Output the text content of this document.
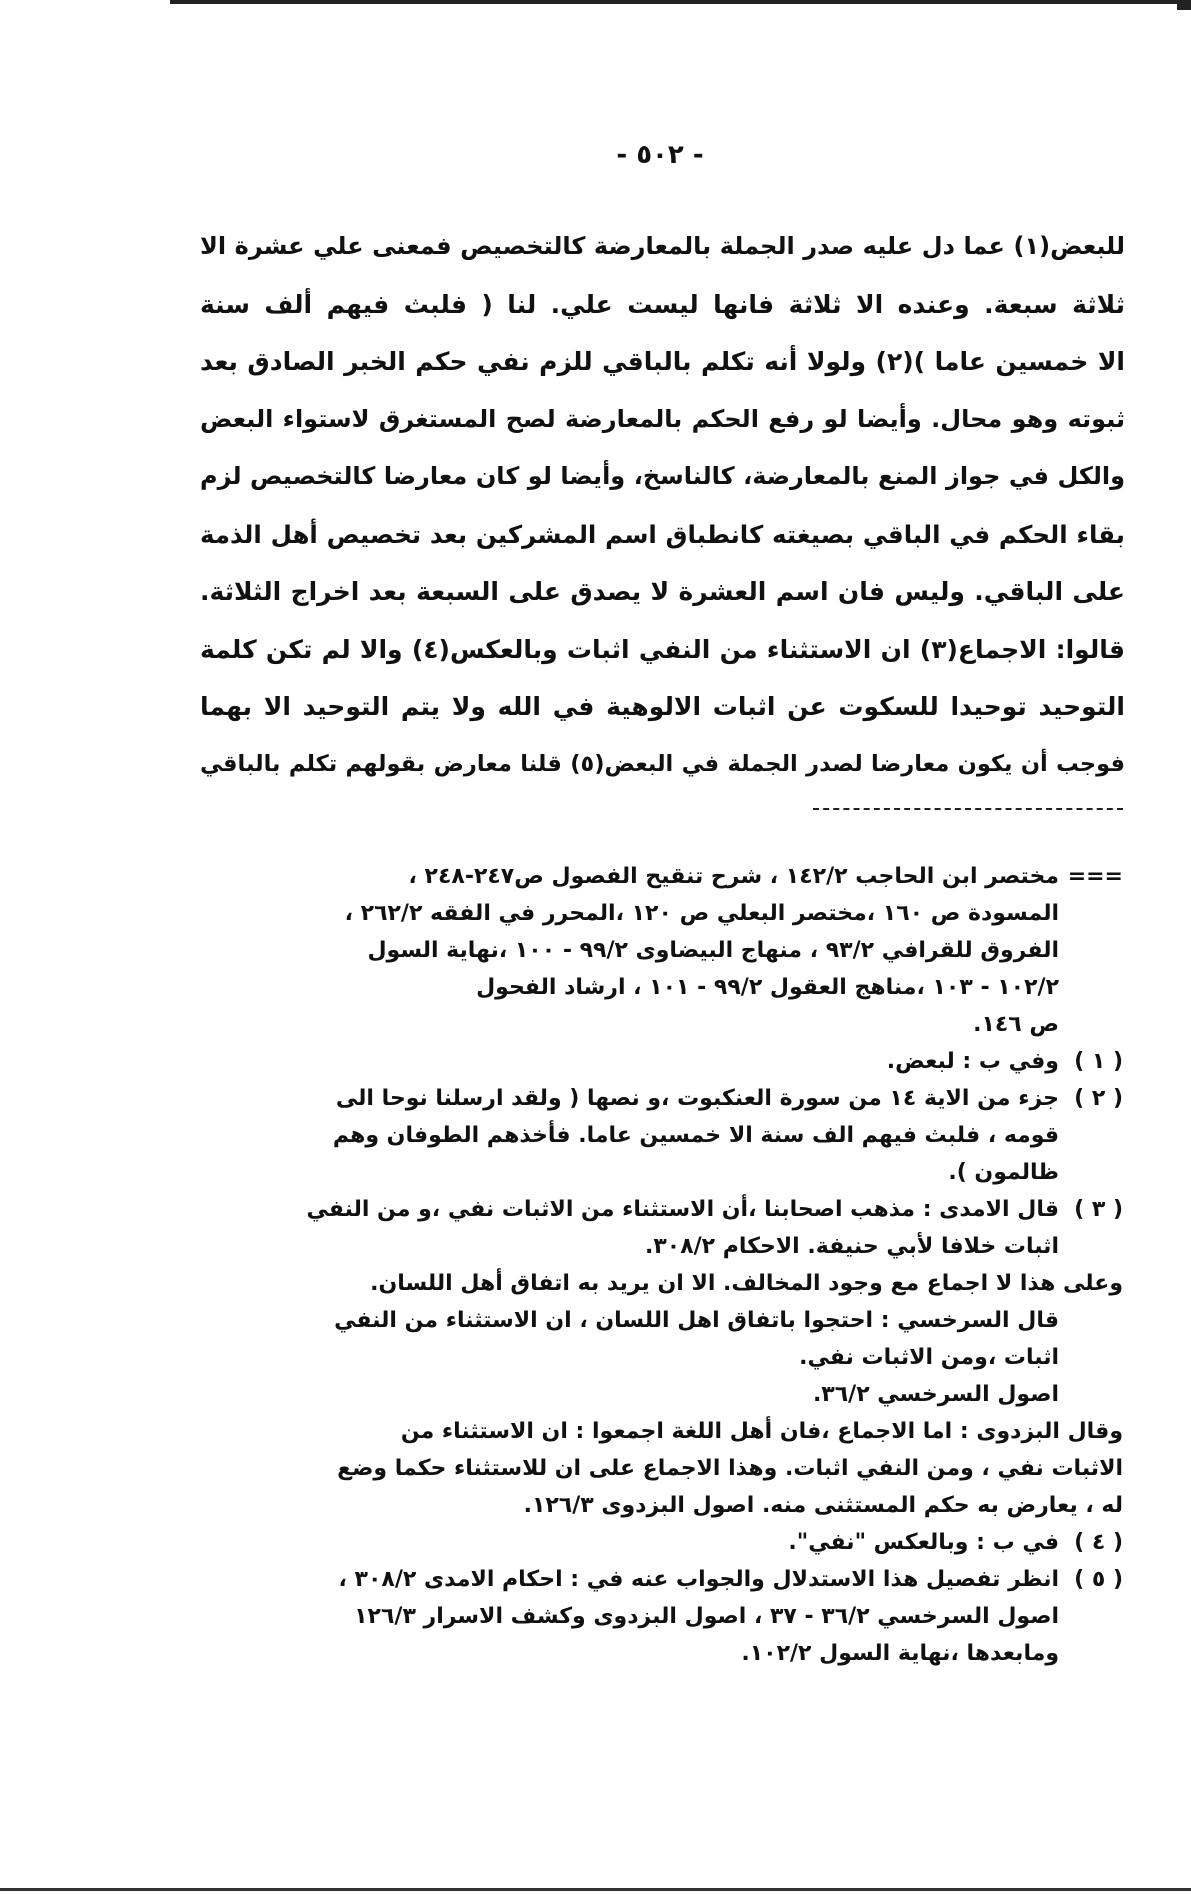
- ٥٠٢ -
للبعض(١) عما دل عليه صدر الجملة بالمعارضة كالتخصيص فمعنى علي عشرة الا
ثلاثة سبعة. وعنده الا ثلاثة فانها ليست علي. لنا ( فلبث فيهم ألف سنة
الا خمسين عاما )(٢) ولولا أنه تكلم بالباقي للزم نفي حكم الخبر الصادق بعد
ثبوته وهو محال. وأيضا لو رفع الحكم بالمعارضة لصح المستغرق لاستواء البعض
والكل في جواز المنع بالمعارضة، كالناسخ، وأيضا لو كان معارضا كالتخصيص لزم
بقاء الحكم في الباقي بصيغته كانطباق اسم المشركين بعد تخصيص أهل الذمة
على الباقي. وليس فان اسم العشرة لا يصدق على السبعة بعد اخراج الثلاثة.
قالوا: الاجماع(٣) ان الاستثناء من النفي اثبات وبالعكس(٤) والا لم تكن كلمة
التوحيد توحيدا للسكوت عن اثبات الالوهية في الله ولا يتم التوحيد الا بهما
فوجب أن يكون معارضا لصدر الجملة في البعض(٥) قلنا معارض بقولهم تكلم بالباقي
===
مختصر ابن الحاجب ١٤٢/٢ ، شرح تنقيح الفصول ص٢٤٧-٢٤٨ ،
المسودة ص ١٦٠ ،مختصر البعلي ص ١٢٠ ،المحرر في الفقه ٢٦٢/٢ ،
الفروق للقرافي ٩٣/٢ ، منهاج البيضاوى ٩٩/٢ - ١٠٠ ،نهاية السول
١٠٢/٢ - ١٠٣ ،مناهج العقول ٩٩/٢ - ١٠١ ، ارشاد الفحول
ص ١٤٦.
( ١ )
وفي ب : لبعض.
( ٢ )
جزء من الاية ١٤ من سورة العنكبوت ،و نصها ( ولقد ارسلنا نوحا الى
قومه ، فلبث فيهم الف سنة الا خمسين عاما. فأخذهم الطوفان وهم
ظالمون ).
( ٣ )
قال الامدى : مذهب اصحابنا ،أن الاستثناء من الاثبات نفي ،و من النفي
اثبات خلافا لأبي حنيفة. الاحكام ٣٠٨/٢.
وعلى هذا لا اجماع مع وجود المخالف. الا ان يريد به اتفاق أهل اللسان.
قال السرخسي : احتجوا باتفاق اهل اللسان ، ان الاستثناء من النفي
اثبات ،ومن الاثبات نفي.
اصول السرخسي ٣٦/٢.
وقال البزدوى : اما الاجماع ،فان أهل اللغة اجمعوا : ان الاستثناء من
الاثبات نفي ، ومن النفي اثبات. وهذا الاجماع على ان للاستثناء حكما وضع
له ، يعارض به حكم المستثنى منه. اصول البزدوى ١٢٦/٣.
( ٤ )
في ب : وبالعكس "نفي".
( ٥ )
انظر تفصيل هذا الاستدلال والجواب عنه في : احكام الامدى ٣٠٨/٢ ،
اصول السرخسي ٣٦/٢ - ٣٧ ، اصول البزدوى وكشف الاسرار ١٢٦/٣
ومابعدها ،نهاية السول ١٠٢/٢.
